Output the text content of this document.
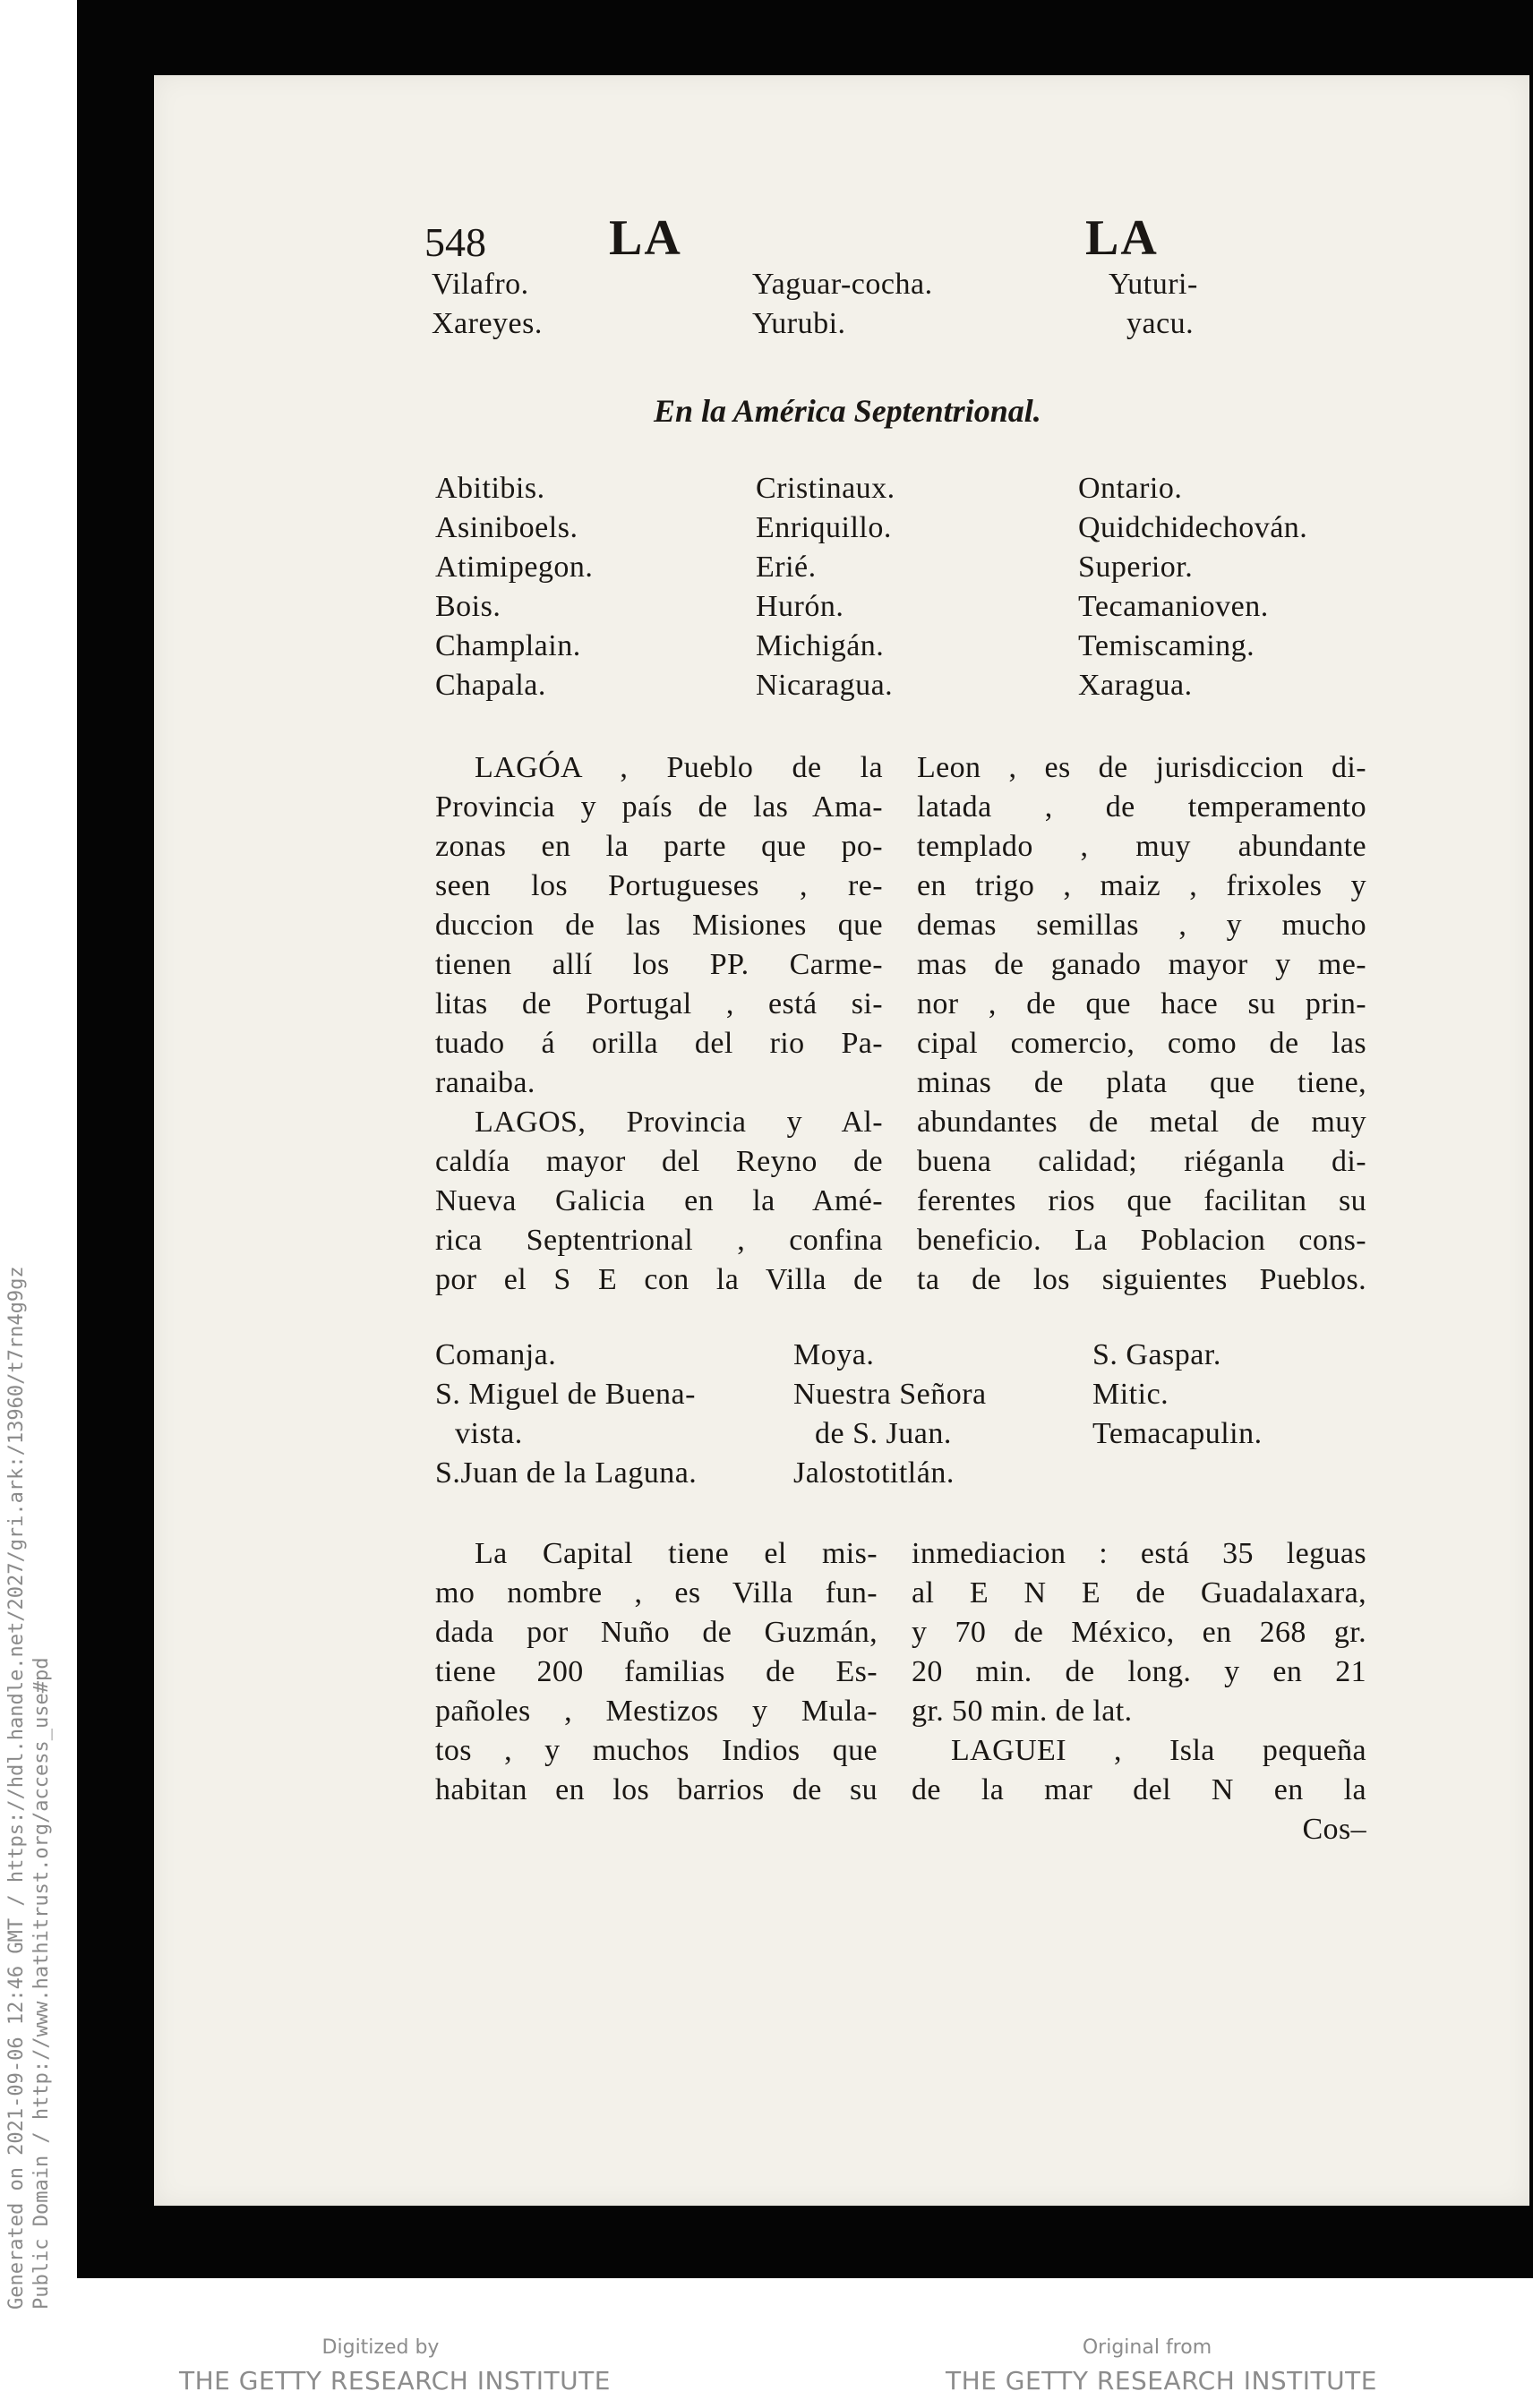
Generated on 2021-09-06 12:46 GMT / https://hdl.handle.net/2027/gri.ark:/13960/t7rn4g9gz Public Domain / http://www.hathitrust.org/access_use#pd
548 LA	LA
Vilafro.
Xareyes.
Yaguar-cocha.
Yurubi.
Yuturi-
yacu.
En la América Septentrional.
Abitibis.
Asiniboels.
Atimipegon.
Bois.
Champlain.
Chapala.
Cristinaux.
Enriquillo.
Erié.
Hurón.
Michigán.
Nicaragua.
Ontario.
Quidchidechován.
Superior.
Tecamanioven.
Temiscaming.
Xaragua.
LAGÓA , Pueblo de la
Provincia y país de las Ama-
zonas en la parte que po-
seen los Portugueses , re-
duccion de las Misiones que
tienen allí los PP. Carme-
litas de Portugal , está si-
tuado á orilla del rio Pa-
ranaiba.
LAGOS, Provincia y Al-
caldía mayor del Reyno de
Nueva Galicia en la Amé-
rica Septentrional , confina
por el S E con la Villa de
Leon , es de jurisdiccion di-
latada , de temperamento
templado , muy abundante
en trigo , maiz , frixoles y
demas semillas , y mucho
mas de ganado mayor y me-
nor , de que hace su prin-
cipal comercio, como de las
minas de plata que tiene,
abundantes de metal de muy
buena calidad; riéganla di-
ferentes rios que facilitan su
beneficio. La Poblacion cons-
ta de los siguientes Pueblos.
Comanja.
S. Miguel de Buena-
vista.
S.Juan de la Laguna.
Moya.
Nuestra Señora
de S. Juan.
Jalostotitlán.
S. Gaspar.
Mitic.
Temacapulin.
La Capital tiene el mis-
mo nombre , es Villa fun-
dada por Nuño de Guzmán,
tiene 200 familias de Es-
pañoles , Mestizos y Mula-
tos , y muchos Indios que
habitan en los barrios de su
inmediacion : está 35 leguas
al E N E de Guadalaxara,
y 70 de México, en 268 gr.
20 min. de long. y en 21
gr. 50 min. de lat.
LAGUEI , Isla pequeña
de la mar del N en la
Cos–
Digitized by
THE GETTY RESEARCH INSTITUTE
Original from
THE GETTY RESEARCH INSTITUTE
